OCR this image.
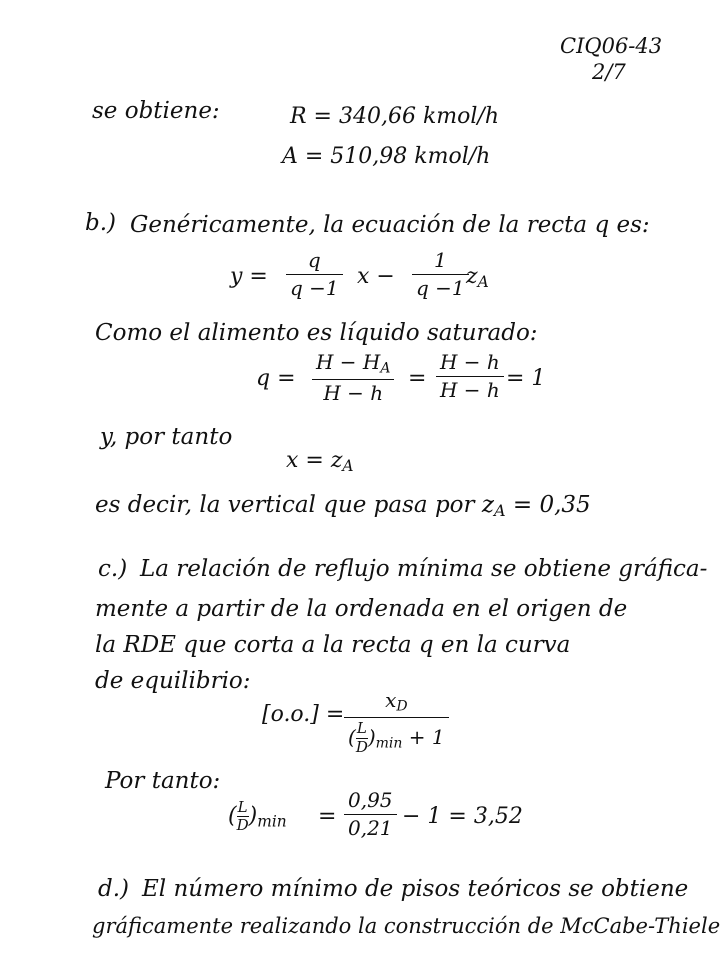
CIQ06-43
2/7
se obtiene:	R = 340,66 kmol/h
A = 510,98 kmol/h
b.) Genéricamente, la ecuación de la recta q es:
y =
q
q −1 x −
1
q −1 $z_A$
Como el alimento es líquido saturado:
q =
$H - H_A$
H − h
=
H − h
H − h = 1
y, por tanto
$x = z_A$
es decir, la vertical que pasa por $z_A = 0,35$
c.) La relación de reflujo mínima se obtiene gráfica-
mente a partir de la ordenada en el origen de
la RDE que corta a la recta q en la curva
de equilibrio:
[o.o.] =
$x_D$
( $\frac{L}{D} )_{min} + 1$
Por tanto:
( $\frac{L}{D} )_{min}$ =
0,95
0,21 − 1 = 3,52
d.) El número mínimo de pisos teóricos se obtiene
gráficamente realizando la construcción de McCabe-Thiele
